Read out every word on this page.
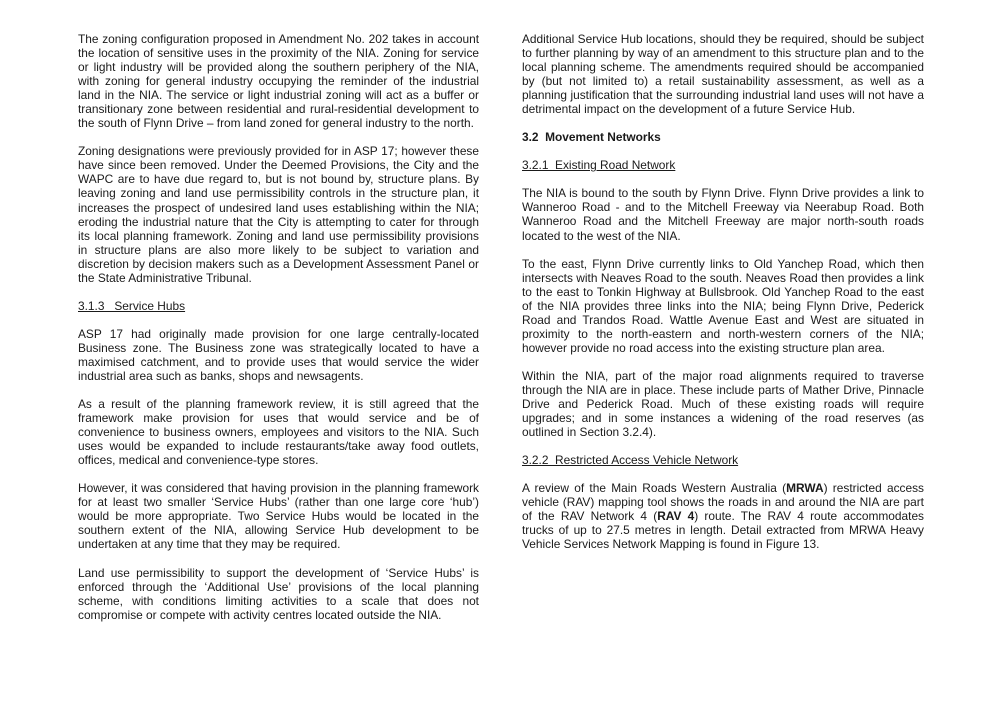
The zoning configuration proposed in Amendment No. 202 takes in account the location of sensitive uses in the proximity of the NIA. Zoning for service or light industry will be provided along the southern periphery of the NIA, with zoning for general industry occupying the reminder of the industrial land in the NIA. The service or light industrial zoning will act as a buffer or transitionary zone between residential and rural-residential development to the south of Flynn Drive – from land zoned for general industry to the north.

Zoning designations were previously provided for in ASP 17; however these have since been removed. Under the Deemed Provisions, the City and the WAPC are to have due regard to, but is not bound by, structure plans. By leaving zoning and land use permissibility controls in the structure plan, it increases the prospect of undesired land uses establishing within the NIA; eroding the industrial nature that the City is attempting to cater for through its local planning framework. Zoning and land use permissibility provisions in structure plans are also more likely to be subject to variation and discretion by decision makers such as a Development Assessment Panel or the State Administrative Tribunal.

3.1.3   Service Hubs

ASP 17 had originally made provision for one large centrally-located Business zone. The Business zone was strategically located to have a maximised catchment, and to provide uses that would service the wider industrial area such as banks, shops and newsagents.

As a result of the planning framework review, it is still agreed that the framework make provision for uses that would service and be of convenience to business owners, employees and visitors to the NIA. Such uses would be expanded to include restaurants/take away food outlets, offices, medical and convenience-type stores.

However, it was considered that having provision in the planning framework for at least two smaller ‘Service Hubs’ (rather than one large core ‘hub’) would be more appropriate. Two Service Hubs would be located in the southern extent of the NIA, allowing Service Hub development to be undertaken at any time that they may be required.

Land use permissibility to support the development of ‘Service Hubs’ is enforced through the ‘Additional Use’ provisions of the local planning scheme, with conditions limiting activities to a scale that does not compromise or compete with activity centres located outside the NIA.

Additional Service Hub locations, should they be required, should be subject to further planning by way of an amendment to this structure plan and to the local planning scheme. The amendments required should be accompanied by (but not limited to) a retail sustainability assessment, as well as a planning justification that the surrounding industrial land uses will not have a detrimental impact on the development of a future Service Hub.

3.2  Movement Networks
3.2.1  Existing Road Network

The NIA is bound to the south by Flynn Drive. Flynn Drive provides a link to Wanneroo Road - and to the Mitchell Freeway via Neerabup Road. Both Wanneroo Road and the Mitchell Freeway are major north-south roads located to the west of the NIA.

To the east, Flynn Drive currently links to Old Yanchep Road, which then intersects with Neaves Road to the south. Neaves Road then provides a link to the east to Tonkin Highway at Bullsbrook. Old Yanchep Road to the east of the NIA provides three links into the NIA; being Flynn Drive, Pederick Road and Trandos Road. Wattle Avenue East and West are situated in proximity to the north-eastern and north-western corners of the NIA; however provide no road access into the existing structure plan area.

Within the NIA, part of the major road alignments required to traverse through the NIA are in place. These include parts of Mather Drive, Pinnacle Drive and Pederick Road. Much of these existing roads will require upgrades; and in some instances a widening of the road reserves (as outlined in Section 3.2.4).

3.2.2  Restricted Access Vehicle Network

A review of the Main Roads Western Australia (MRWA) restricted access vehicle (RAV) mapping tool shows the roads in and around the NIA are part of the RAV Network 4 (RAV 4) route. The RAV 4 route accommodates trucks of up to 27.5 metres in length. Detail extracted from MRWA Heavy Vehicle Services Network Mapping is found in Figure 13.
